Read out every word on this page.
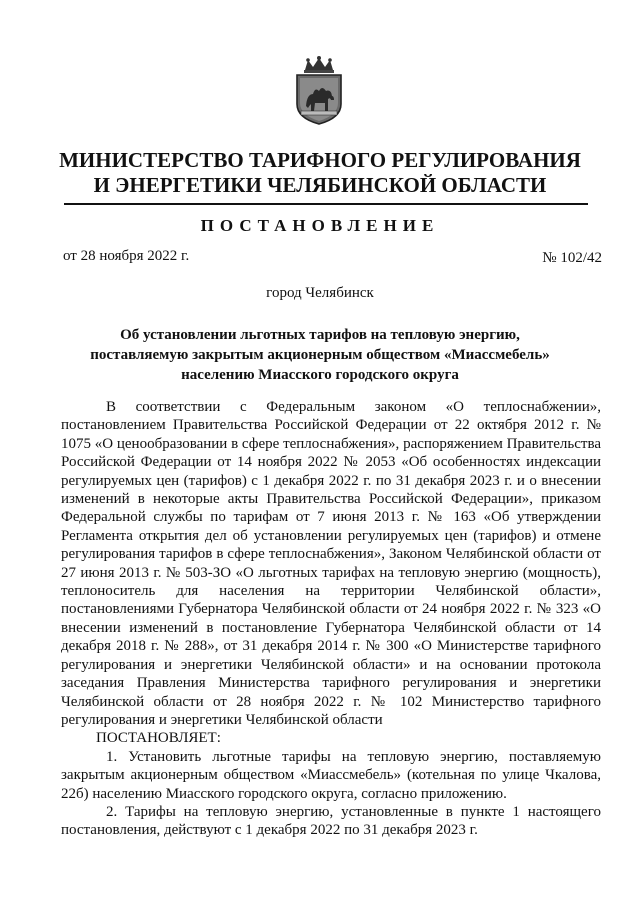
МИНИСТЕРСТВО ТАРИФНОГО РЕГУЛИРОВАНИЯ
И ЭНЕРГЕТИКИ ЧЕЛЯБИНСКОЙ ОБЛАСТИ
ПОСТАНОВЛЕНИЕ
от 28 ноября 2022 г.	№ 102/42
город Челябинск
Об установлении льготных тарифов на тепловую энергию,
поставляемую закрытым акционерным обществом «Миассмебель»
населению Миасского городского округа

В соответствии с Федеральным законом «О теплоснабжении», постановлением Правительства Российской Федерации от 22 октября 2012 г. № 1075 «О ценообразовании в сфере теплоснабжения», распоряжением Правительства Российской Федерации от 14 ноября 2022 № 2053 «Об особенностях индексации регулируемых цен (тарифов) с 1 декабря 2022 г. по 31 декабря 2023 г. и о внесении изменений в некоторые акты Правительства Российской Федерации», приказом Федеральной службы по тарифам от 7 июня 2013 г. № 163 «Об утверждении Регламента открытия дел об установлении регулируемых цен (тарифов) и отмене регулирования тарифов в сфере теплоснабжения», Законом Челябинской области от 27 июня 2013 г. № 503-ЗО «О льготных тарифах на тепловую энергию (мощность), теплоноситель для населения на территории Челябинской области», постановлениями Губернатора Челябинской области от 24 ноября 2022 г. № 323 «О внесении изменений в постановление Губернатора Челябинской области от 14 декабря 2018 г. № 288», от 31 декабря 2014 г. № 300 «О Министерстве тарифного регулирования и энергетики Челябинской области» и на основании протокола заседания Правления Министерства тарифного регулирования и энергетики Челябинской области от 28 ноября 2022 г. № 102 Министерство тарифного регулирования и энергетики Челябинской области

ПОСТАНОВЛЯЕТ:

1. Установить льготные тарифы на тепловую энергию, поставляемую закрытым акционерным обществом «Миассмебель» (котельная по улице Чкалова, 22б) населению Миасского городского округа, согласно приложению.

2. Тарифы на тепловую энергию, установленные в пункте 1 настоящего постановления, действуют с 1 декабря 2022 по 31 декабря 2023 г.
